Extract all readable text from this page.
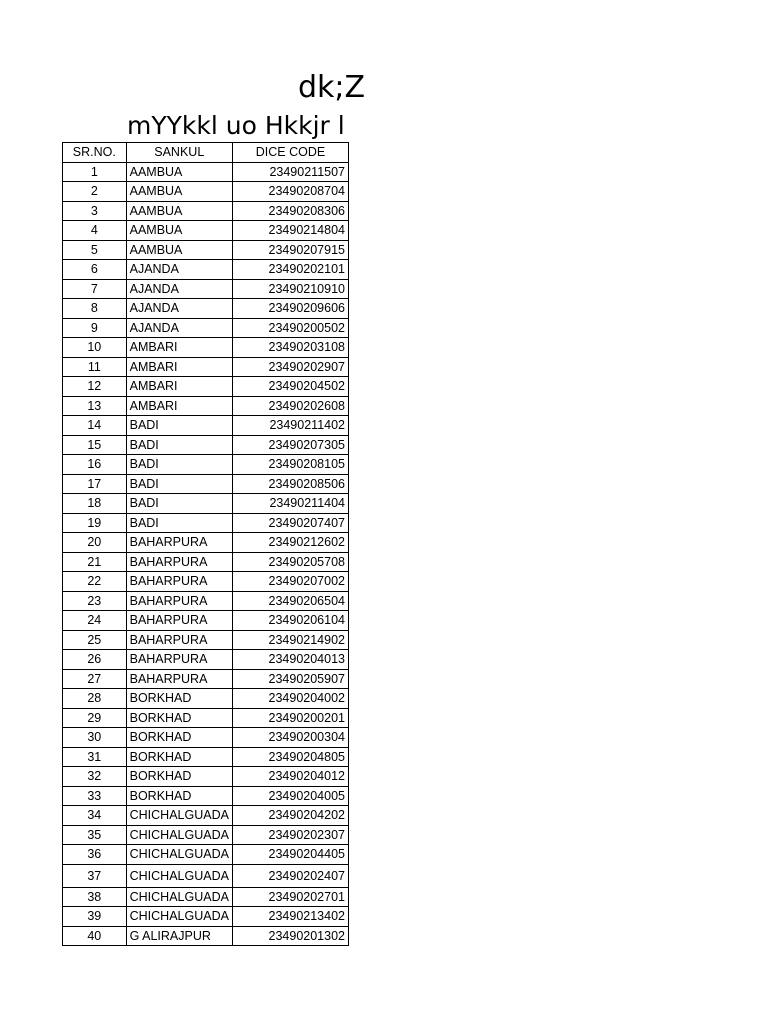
dk;Z
mYYkkl uo Hkkjr l
SR.NO.	SANKUL	DICE CODE
1	AAMBUA	23490211507
2	AAMBUA	23490208704
3	AAMBUA	23490208306
4	AAMBUA	23490214804
5	AAMBUA	23490207915
6	AJANDA	23490202101
7	AJANDA	23490210910
8	AJANDA	23490209606
9	AJANDA	23490200502
10	AMBARI	23490203108
11	AMBARI	23490202907
12	AMBARI	23490204502
13	AMBARI	23490202608
14	BADI	23490211402
15	BADI	23490207305
16	BADI	23490208105
17	BADI	23490208506
18	BADI	23490211404
19	BADI	23490207407
20	BAHARPURA	23490212602
21	BAHARPURA	23490205708
22	BAHARPURA	23490207002
23	BAHARPURA	23490206504
24	BAHARPURA	23490206104
25	BAHARPURA	23490214902
26	BAHARPURA	23490204013
27	BAHARPURA	23490205907
28	BORKHAD	23490204002
29	BORKHAD	23490200201
30	BORKHAD	23490200304
31	BORKHAD	23490204805
32	BORKHAD	23490204012
33	BORKHAD	23490204005
34	CHICHALGUADA	23490204202
35	CHICHALGUADA	23490202307
36	CHICHALGUADA	23490204405
37	CHICHALGUADA	23490202407
38	CHICHALGUADA	23490202701
39	CHICHALGUADA	23490213402
40	G ALIRAJPUR	23490201302
